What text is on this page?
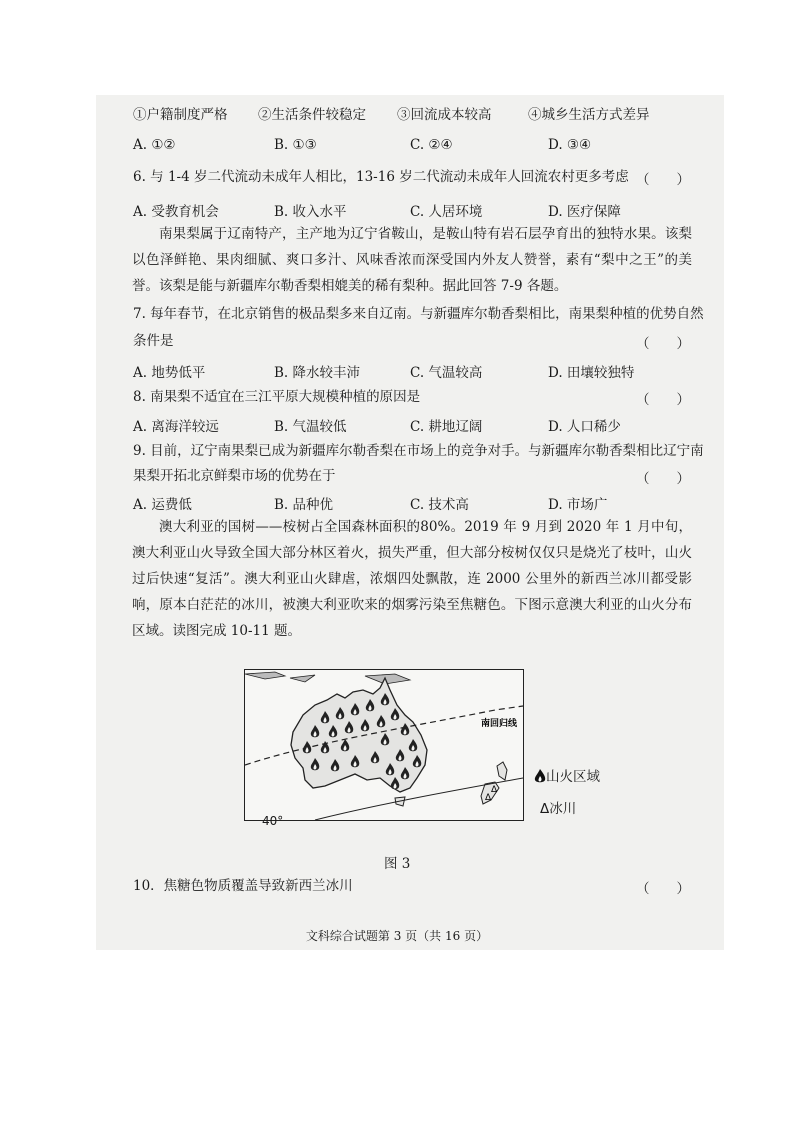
①户籍制度严格 ②生活条件较稳定 ③回流成本较高	④城乡生活方式差异
A. ①②	B. ①③	C. ②④	D. ③④
6. 与 1-4 岁二代流动未成年人相比，13-16 岁二代流动未成年人回流农村更多考虑 （　　）
A. 受教育机会	B. 收入水平	C. 人居环境	D. 医疗保障
南果梨属于辽南特产，主产地为辽宁省鞍山，是鞍山特有岩石层孕育出的独特水果。该梨以色泽鲜艳、果肉细腻、爽口多汁、风味香浓而深受国内外友人赞誉，素有“梨中之王”的美誉。该梨是能与新疆库尔勒香梨相媲美的稀有梨种。据此回答 7-9 各题。
7. 每年春节，在北京销售的极品梨多来自辽南。与新疆库尔勒香梨相比，南果梨种植的优势自然
条件是	（　　）
A. 地势低平	B. 降水较丰沛	C. 气温较高	D. 田壤较独特
8. 南果梨不适宜在三江平原大规模种植的原因是	（　　）
A. 离海洋较远	B. 气温较低	C. 耕地辽阔	D. 人口稀少
9. 目前，辽宁南果梨已成为新疆库尔勒香梨在市场上的竞争对手。与新疆库尔勒香梨相比辽宁南
果梨开拓北京鲜梨市场的优势在于	（　　）
A. 运费低	B. 品种优	C. 技术高	D. 市场广
澳大利亚的国树——桉树占全国森林面积的80%。2019 年 9 月到 2020 年 1 月中旬，澳大利亚山火导致全国大部分林区着火，损失严重，但大部分桉树仅仅只是烧光了枝叶，山火过后快速“复活”。澳大利亚山火肆虐，浓烟四处飘散，连 2000 公里外的新西兰冰川都受影响，原本白茫茫的冰川，被澳大利亚吹来的烟雾污染至焦糖色。下图示意澳大利亚的山火分布区域。读图完成 10-11 题。
Δ
Δ
南回归线
40°
山火区域
Δ冰川
图 3
10．焦糖色物质覆盖导致新西兰冰川	（　　）
文科综合试题第 3 页（共 16 页）
